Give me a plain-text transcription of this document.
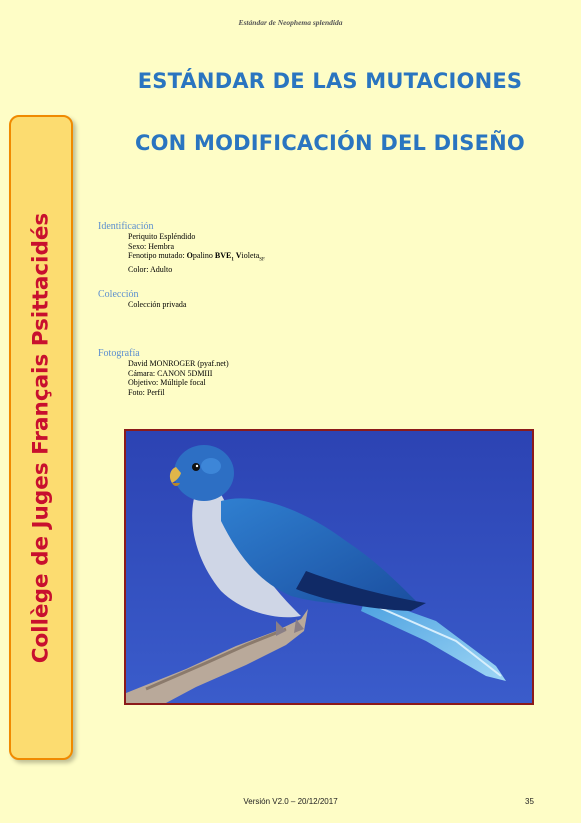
Estándar de Neophema splendida
ESTÁNDAR DE LAS MUTACIONES
CON MODIFICACIÓN DEL DISEÑO
Collège de Juges Français Psittacidés	Identificación
Periquito Espléndido
Sexo: Hembra
Fenotipo mutado: Opalino $BVE_1$ Violeta$_{SF}$
Color: Adulto
Colección
Colección privada
Fotografía
David MONROGER (pyaf.net)
Cámara: CANON 5DMIII
Objetivo: Múltiple focal
Foto: Perfil
Versión V2.0 – 20/12/2017	35
